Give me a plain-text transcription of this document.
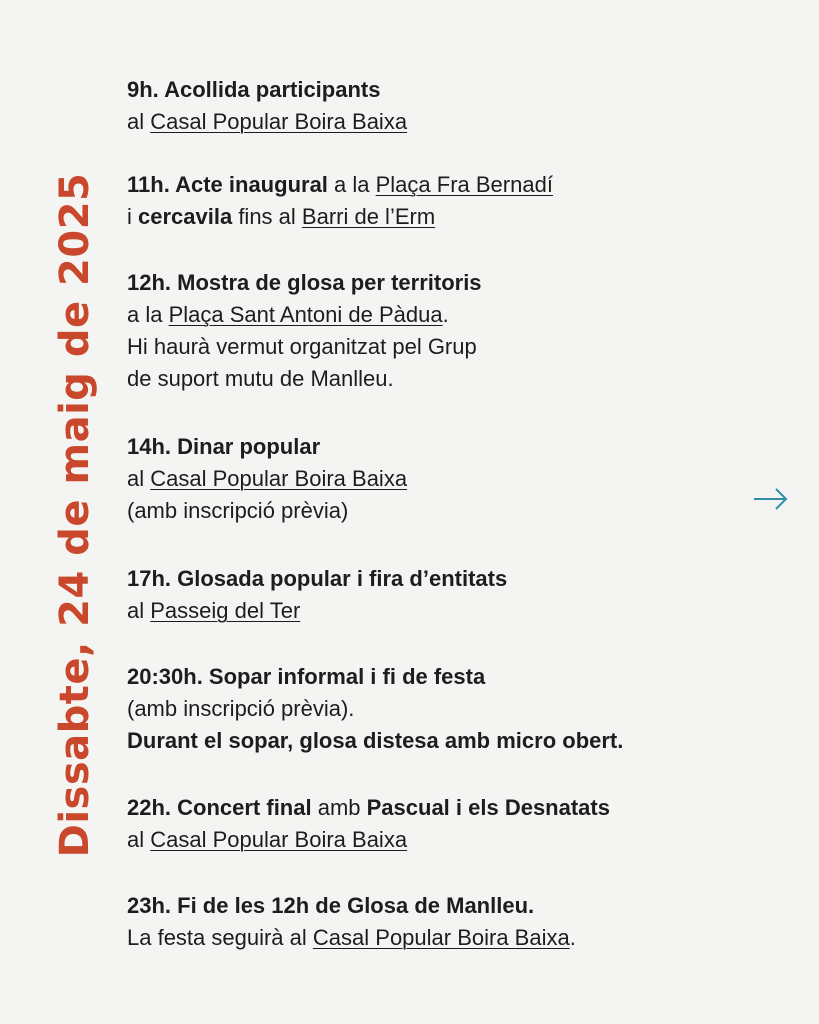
Dissabte, 24 de maig de 2025

9h. Acollida participants

al Casal Popular Boira Baixa

11h. Acte inaugural a la Plaça Fra Bernadí

i cercavila fins al Barri de l’Erm

12h. Mostra de glosa per territoris

a la Plaça Sant Antoni de Pàdua.

Hi haurà vermut organitzat pel Grup

de suport mutu de Manlleu.

14h. Dinar popular

al Casal Popular Boira Baixa

(amb inscripció prèvia)

17h. Glosada popular i fira d’entitats

al Passeig del Ter

20:30h. Sopar informal i fi de festa

(amb inscripció prèvia).

Durant el sopar, glosa distesa amb micro obert.

22h. Concert final amb Pascual i els Desnatats

al Casal Popular Boira Baixa

23h. Fi de les 12h de Glosa de Manlleu.

La festa seguirà al Casal Popular Boira Baixa.
